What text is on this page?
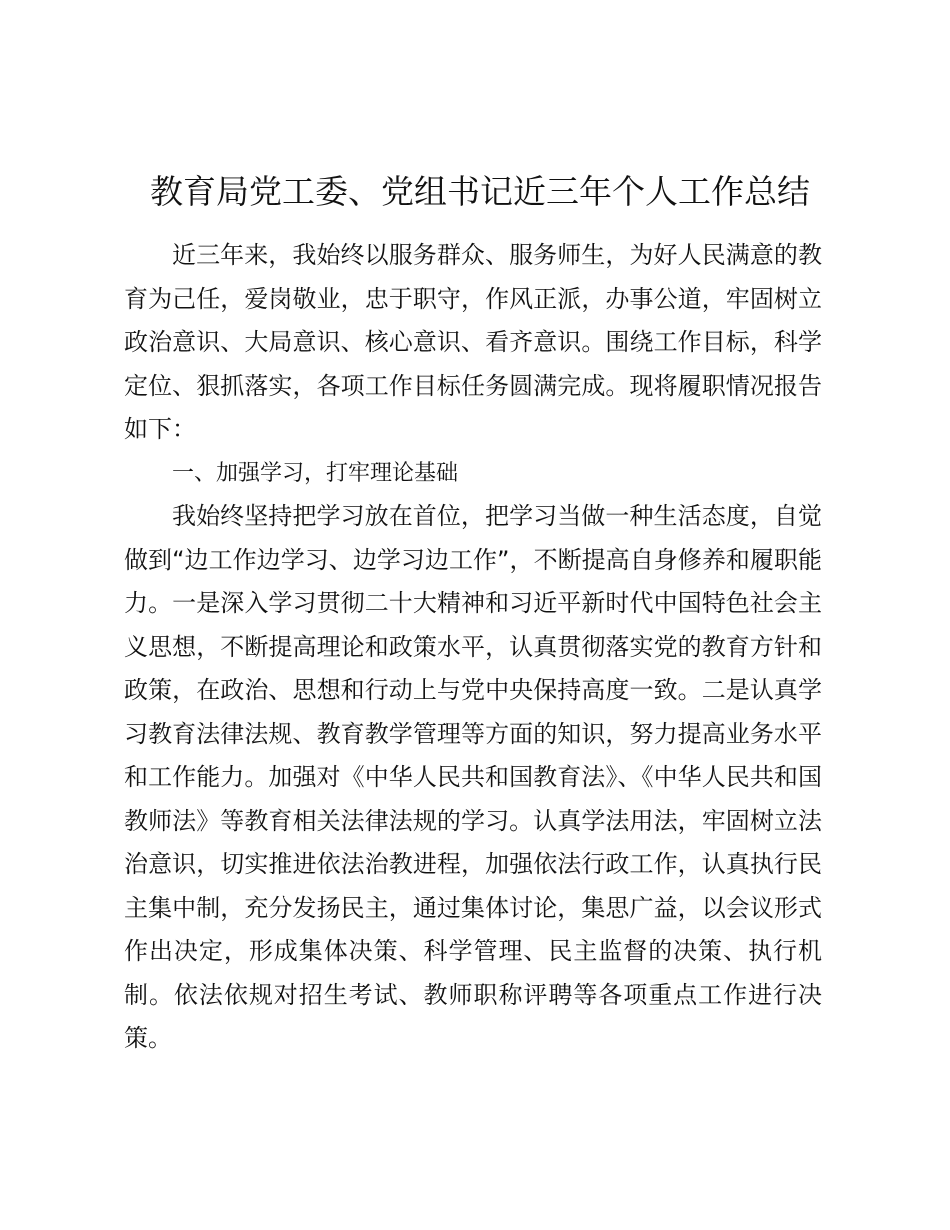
教育局党工委、党组书记近三年个人工作总结

近三年来，我始终以服务群众、服务师生，为好人民满意的教育为己任，爱岗敬业，忠于职守，作风正派，办事公道，牢固树立政治意识、大局意识、核心意识、看齐意识。围绕工作目标，科学定位、狠抓落实，各项工作目标任务圆满完成。现将履职情况报告如下：

一、加强学习，打牢理论基础

我始终坚持把学习放在首位，把学习当做一种生活态度，自觉做到“边工作边学习、边学习边工作”，不断提高自身修养和履职能力。一是深入学习贯彻二十大精神和习近平新时代中国特色社会主义思想，不断提高理论和政策水平，认真贯彻落实党的教育方针和政策，在政治、思想和行动上与党中央保持高度一致。二是认真学习教育法律法规、教育教学管理等方面的知识，努力提高业务水平和工作能力。加强对《中华人民共和国教育法》、《中华人民共和国教师法》等教育相关法律法规的学习。认真学法用法，牢固树立法治意识，切实推进依法治教进程，加强依法行政工作，认真执行民主集中制，充分发扬民主，通过集体讨论，集思广益，以会议形式作出决定，形成集体决策、科学管理、民主监督的决策、执行机制。依法依规对招生考试、教师职称评聘等各项重点工作进行决策。
